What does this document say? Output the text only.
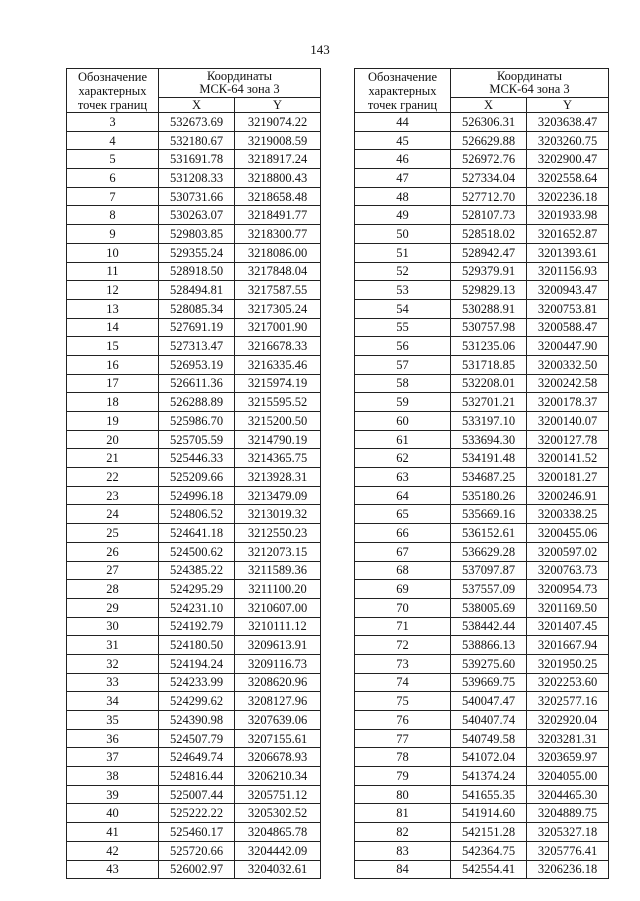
143
Обозначение
характерных
точек границ	Координаты
МСК-64 зона 3	

	X	Y
3	532673.69	3219074.22
4	532180.67	3219008.59
5	531691.78	3218917.24
6	531208.33	3218800.43
7	530731.66	3218658.48
8	530263.07	3218491.77
9	529803.85	3218300.77
10	529355.24	3218086.00
11	528918.50	3217848.04
12	528494.81	3217587.55
13	528085.34	3217305.24
14	527691.19	3217001.90
15	527313.47	3216678.33
16	526953.19	3216335.46
17	526611.36	3215974.19
18	526288.89	3215595.52
19	525986.70	3215200.50
20	525705.59	3214790.19
21	525446.33	3214365.75
22	525209.66	3213928.31
23	524996.18	3213479.09
24	524806.52	3213019.32
25	524641.18	3212550.23
26	524500.62	3212073.15
27	524385.22	3211589.36
28	524295.29	3211100.20
29	524231.10	3210607.00
30	524192.79	3210111.12
31	524180.50	3209613.91
32	524194.24	3209116.73
33	524233.99	3208620.96
34	524299.62	3208127.96
35	524390.98	3207639.06
36	524507.79	3207155.61
37	524649.74	3206678.93
38	524816.44	3206210.34
39	525007.44	3205751.12
40	525222.22	3205302.52
41	525460.17	3204865.78
42	525720.66	3204442.09
43	526002.97	3204032.61
Обозначение
характерных
точек границ	Координаты
МСК-64 зона 3	

	X	Y
44	526306.31	3203638.47
45	526629.88	3203260.75
46	526972.76	3202900.47
47	527334.04	3202558.64
48	527712.70	3202236.18
49	528107.73	3201933.98
50	528518.02	3201652.87
51	528942.47	3201393.61
52	529379.91	3201156.93
53	529829.13	3200943.47
54	530288.91	3200753.81
55	530757.98	3200588.47
56	531235.06	3200447.90
57	531718.85	3200332.50
58	532208.01	3200242.58
59	532701.21	3200178.37
60	533197.10	3200140.07
61	533694.30	3200127.78
62	534191.48	3200141.52
63	534687.25	3200181.27
64	535180.26	3200246.91
65	535669.16	3200338.25
66	536152.61	3200455.06
67	536629.28	3200597.02
68	537097.87	3200763.73
69	537557.09	3200954.73
70	538005.69	3201169.50
71	538442.44	3201407.45
72	538866.13	3201667.94
73	539275.60	3201950.25
74	539669.75	3202253.60
75	540047.47	3202577.16
76	540407.74	3202920.04
77	540749.58	3203281.31
78	541072.04	3203659.97
79	541374.24	3204055.00
80	541655.35	3204465.30
81	541914.60	3204889.75
82	542151.28	3205327.18
83	542364.75	3205776.41
84	542554.41	3206236.18
